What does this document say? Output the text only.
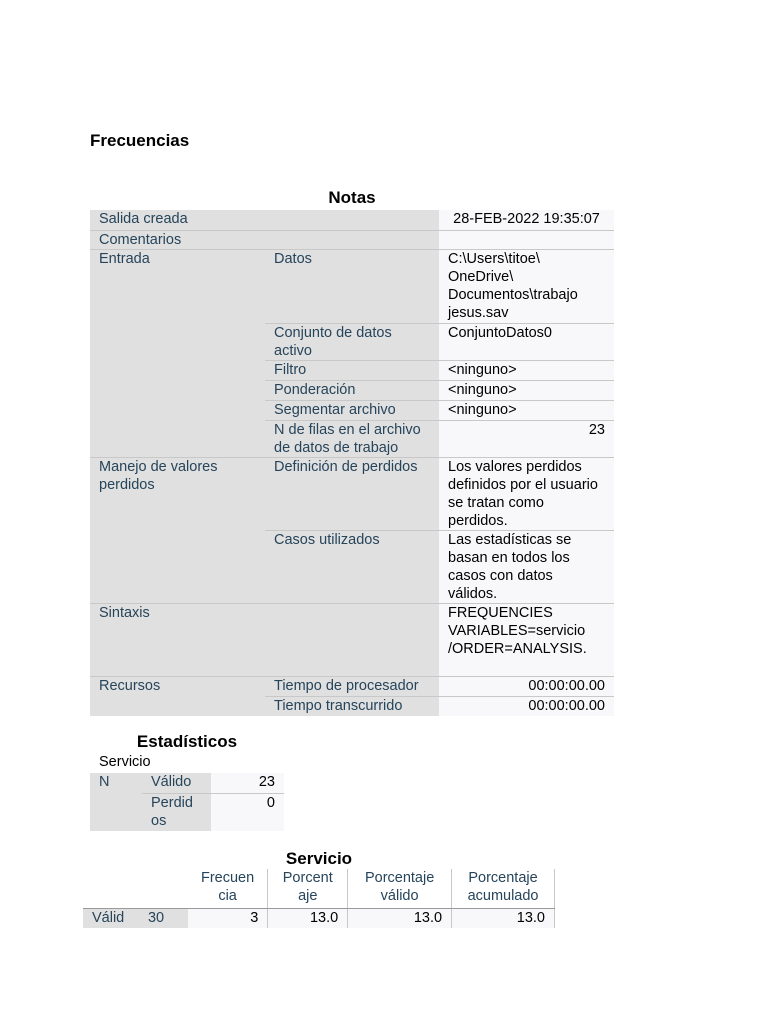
Frecuencias
Notas
Salida creada		28-FEB-2022 19:35:07
Comentarios		
Entrada	Datos	C:\Users\titoe\ OneDrive\ Documentos\trabajo jesus.sav
	Conjunto de datos activo	ConjuntoDatos0
	Filtro	<ninguno>
	Ponderación	<ninguno>
	Segmentar archivo	<ninguno>
	N de filas en el archivo de datos de trabajo	23
Manejo de valores perdidos	Definición de perdidos	Los valores perdidos definidos por el usuario se tratan como perdidos.
	Casos utilizados	Las estadísticas se basan en todos los casos con datos válidos.
Sintaxis		FREQUENCIES VARIABLES=servicio /ORDER=ANALYSIS.
Recursos	Tiempo de procesador	00:00:00.00
	Tiempo transcurrido	00:00:00.00
Estadísticos
Servicio
N	Válido	23
	Perdid os	0
Servicio
		Frecuen cia	Porcent aje	Porcentaje válido	Porcentaje acumulado
Válid	30	3	13.0	13.0	13.0
